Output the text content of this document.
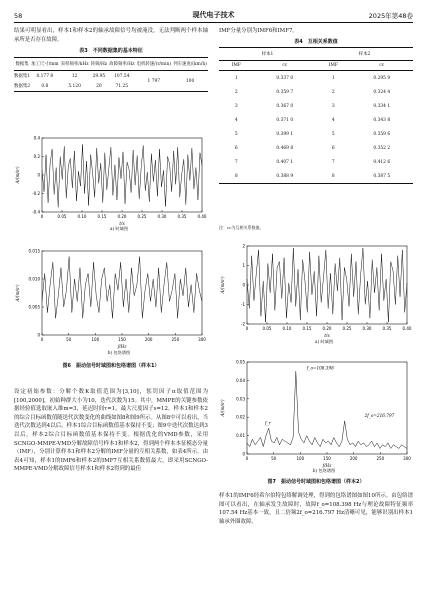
58	现代电子技术	2025年第48卷
结果可明显看出，样本1和样本2的轴承故障信号均被淹没，无法判断两个样本轴承所是否存在故障。
表3　不同数据集的基本特征
数据集	加工尺寸/mm	采样频率/kHz	转频/Hz	故障频率/Hz	电机转速/(r/min)	列车速度/(km/h)
数据集1	0.177 8	12	29.95	107.54	1 797	100
数据集2	0.8	5.120	20	71.25		
0	0.05	0.10	0.15	0.20	0.25	0.30	0.35	0.40
-0.4
-0.2
0
0.2
0.4
t/s
A/(m/s²)
a) 时域图
0	50	100	150	200	250	300
0
0.005
0.010
0.015
f/Hz
A/(m/s²)
b) 包络谱图
图6　振动信号时域图和包络谱图（样本1）
设定初始参数：分解个数K取值范围为[3,10]，惩罚因子α取值范围为[100,2000]，初始种群大小为10，迭代次数为15。其中，MMPE的关键参数依据经验值选取嵌入维m=3，延迟时间τ=1，最大尺度因子s=12。样本1和样本2的综合目标函数值随迭代次数变化的曲线如图8和图9所示。从图8中可以看出，当迭代次数达到4以后，样本1综合目标函数值基本保持不变；图9中迭代次数达到3以后，样本2综合目标函数值基本保持不变。根据优化的VMD参数，采用SCNGO-MMPE-VMD分解故障信号样本1和样本2，得到两个样本本征模态分量（IMF），分别计算样本1和样本2分解的IMF分量的互相关系数，如表4所示。由表4可知，样本1的IMF6和样本2的IMF7互相关系数值最大，即采用SCNGO-MMPE-VMD分解故障信号样本1和样本2得到的最佳
IMF分量分别为IMF6和IMF7。
表4　互相关系数值
样本1		样本2	
IMF	cc	IMF	cc
1	0.337 0	1	0.295 9
2	0.359 7	2	0.324 4
3	0.367 0	3	0.334 1
4	0.371 0	4	0.343 8
5	0.399 1	5	0.359 6
6	0.469 8	6	0.352 2
7	0.407 1	7	0.412 6
8	0.388 9	8	0.387 5
注：cc为互相关系数值。
0	0.05	0.10	0.15	0.20	0.25	0.30	0.35	0.40
-2
-1
0
1
2
t/s
A/(m/s²)
a) 时域图
0	50	100	150	200	250	300
0
0.01
0.02
0.03
0.04
0.05
f/Hz
A/(m/s²)
f_r
f_o=108.398
2f_o=216.797
b) 包络谱图
图7　振动信号时域图和包络谱图（样本2）
样本1的IMF6经希尔伯特包络解调处理，得到的包络谱图如图10所示。由包络谱图可以看出，在轴承发生故障时，故障f_o=108.398 Hz与理论故障特征频率107.54 Hz基本一致，且二倍频2f_o=216.797 Hz清晰可见，能够识别出样本1轴承外圈故障。
